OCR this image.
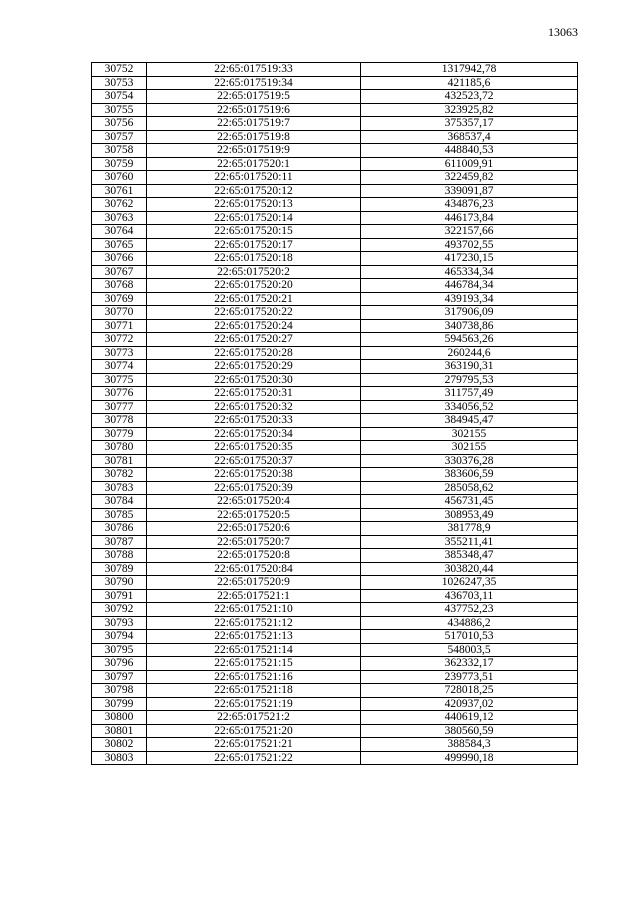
13063
30752	22:65:017519:33	1317942,78
30753	22:65:017519:34	421185,6
30754	22:65:017519:5	432523,72
30755	22:65:017519:6	323925,82
30756	22:65:017519:7	375357,17
30757	22:65:017519:8	368537,4
30758	22:65:017519:9	448840,53
30759	22:65:017520:1	611009,91
30760	22:65:017520:11	322459,82
30761	22:65:017520:12	339091,87
30762	22:65:017520:13	434876,23
30763	22:65:017520:14	446173,84
30764	22:65:017520:15	322157,66
30765	22:65:017520:17	493702,55
30766	22:65:017520:18	417230,15
30767	22:65:017520:2	465334,34
30768	22:65:017520:20	446784,34
30769	22:65:017520:21	439193,34
30770	22:65:017520:22	317906,09
30771	22:65:017520:24	340738,86
30772	22:65:017520:27	594563,26
30773	22:65:017520:28	260244,6
30774	22:65:017520:29	363190,31
30775	22:65:017520:30	279795,53
30776	22:65:017520:31	311757,49
30777	22:65:017520:32	334056,52
30778	22:65:017520:33	384945,47
30779	22:65:017520:34	302155
30780	22:65:017520:35	302155
30781	22:65:017520:37	330376,28
30782	22:65:017520:38	383606,59
30783	22:65:017520:39	285058,62
30784	22:65:017520:4	456731,45
30785	22:65:017520:5	308953,49
30786	22:65:017520:6	381778,9
30787	22:65:017520:7	355211,41
30788	22:65:017520:8	385348,47
30789	22:65:017520:84	303820,44
30790	22:65:017520:9	1026247,35
30791	22:65:017521:1	436703,11
30792	22:65:017521:10	437752,23
30793	22:65:017521:12	434886,2
30794	22:65:017521:13	517010,53
30795	22:65:017521:14	548003,5
30796	22:65:017521:15	362332,17
30797	22:65:017521:16	239773,51
30798	22:65:017521:18	728018,25
30799	22:65:017521:19	420937,02
30800	22:65:017521:2	440619,12
30801	22:65:017521:20	380560,59
30802	22:65:017521:21	388584,3
30803	22:65:017521:22	499990,18
